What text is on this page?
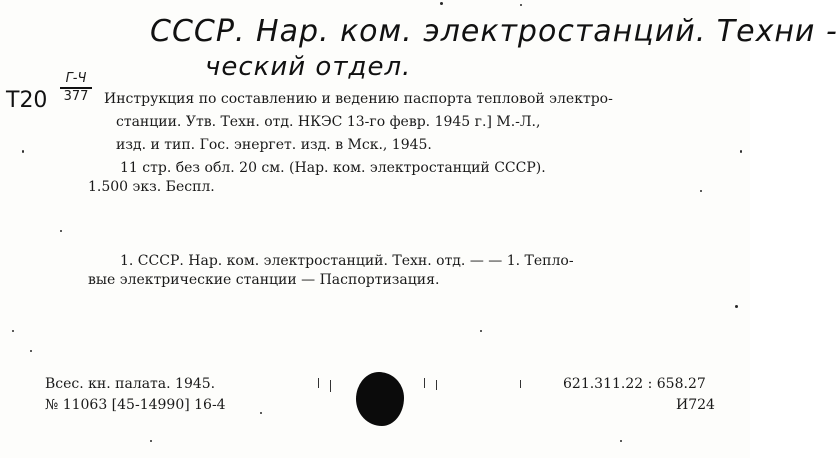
СССР. Нар. ком. электростанций. Техни -
ческий отдел.
Т20
Г-Ч
377	Инструкция по составлению и ведению паспорта тепловой электро-
станции. Утв. Техн. отд. НКЭС 13-го февр. 1945 г.] М.-Л.,
изд. и тип. Гос. энергет. изд. в Мск., 1945.
11 стр. без обл. 20 см. (Нар. ком. электростанций СССР).
1.500 экз. Беспл.
1. СССР. Нар. ком. электростанций. Техн. отд. — — 1. Тепло-
вые электрические станции — Паспортизация.
Всес. кн. палата. 1945.
№ 11063 [45-14990] 16-4
621.311.22 : 658.27
И724
